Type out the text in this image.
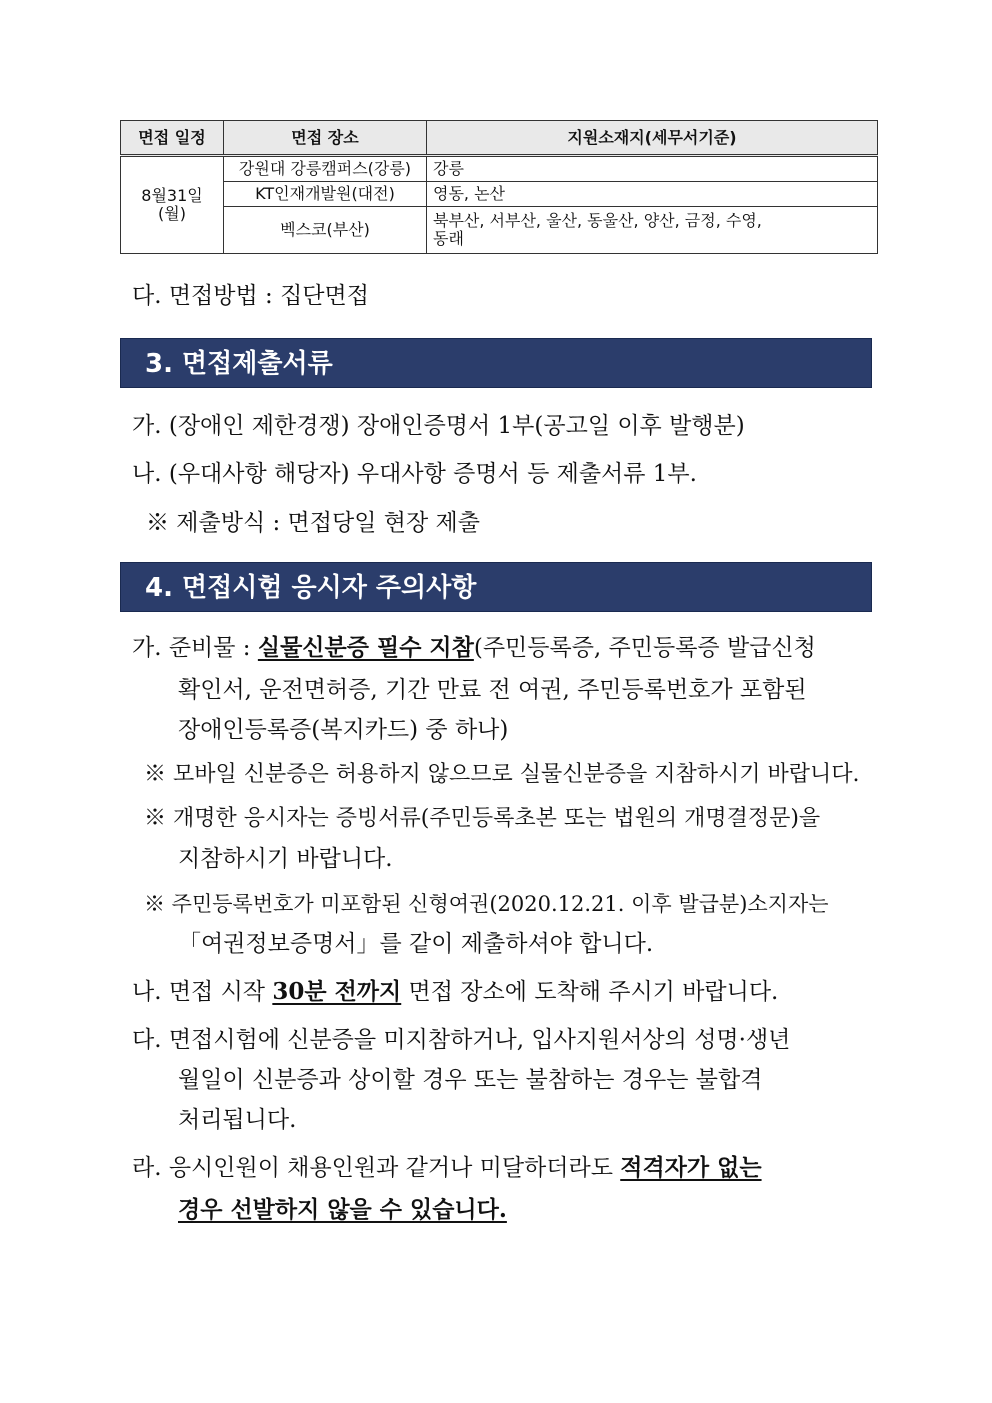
면접 일정	면접 장소	지원소재지(세무서기준)

8월31일
(월)	강원대 강릉캠퍼스(강릉)	강릉
	KT인재개발원(대전)	영동, 논산
	벡스코(부산)	북부산, 서부산, 울산, 동울산, 양산, 금정, 수영,
동래
다. 면접방법 : 집단면접
3. 면접제출서류
가. (장애인 제한경쟁) 장애인증명서 1부(공고일 이후 발행분)
나. (우대사항 해당자) 우대사항 증명서 등 제출서류 1부.
※ 제출방식 : 면접당일 현장 제출
4. 면접시험 응시자 주의사항
가. 준비물 : 실물신분증 필수 지참(주민등록증, 주민등록증 발급신청
확인서, 운전면허증, 기간 만료 전 여권, 주민등록번호가 포함된
장애인등록증(복지카드) 중 하나)
※ 모바일 신분증은 허용하지 않으므로 실물신분증을 지참하시기 바랍니다.
※ 개명한 응시자는 증빙서류(주민등록초본 또는 법원의 개명결정문)을
지참하시기 바랍니다.
※ 주민등록번호가 미포함된 신형여권(2020.12.21. 이후 발급분)소지자는
「여권정보증명서」를 같이 제출하셔야 합니다.
나. 면접 시작 30분 전까지 면접 장소에 도착해 주시기 바랍니다.
다. 면접시험에 신분증을 미지참하거나, 입사지원서상의 성명·생년
월일이 신분증과 상이할 경우 또는 불참하는 경우는 불합격
처리됩니다.
라. 응시인원이 채용인원과 같거나 미달하더라도 적격자가 없는
경우 선발하지 않을 수 있습니다.
